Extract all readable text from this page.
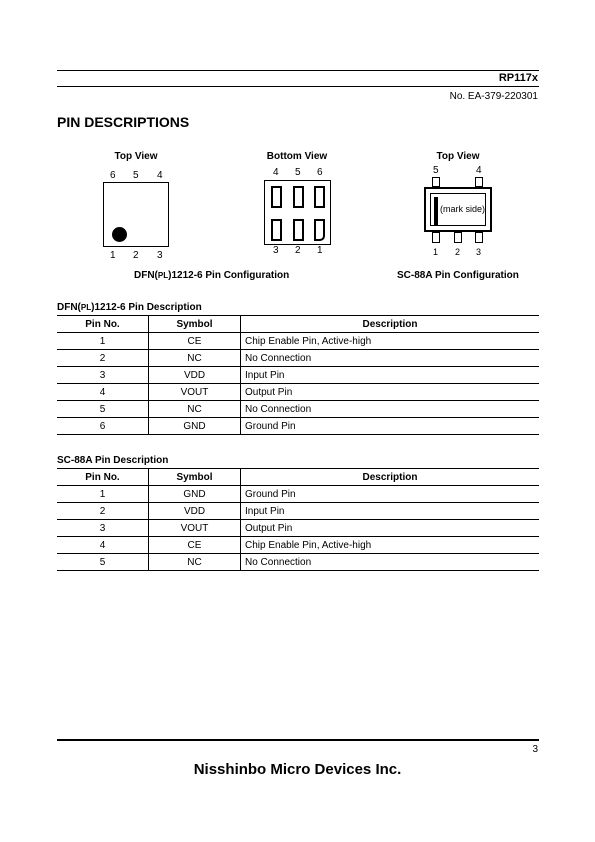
RP117x
No. EA-379-220301
PIN DESCRIPTIONS
Top View
6 5 4
1 2 3
Bottom View
4 5 6
3 2 1
Top View
5	4
(mark side)
1 2 3
DFN(PL)1212-6 Pin Configuration	SC-88A Pin Configuration
DFN(PL)1212-6 Pin Description
Pin No.	Symbol	Description
1	CE	Chip Enable Pin, Active-high
2	NC	No Connection
3	VDD	Input Pin
4	VOUT	Output Pin
5	NC	No Connection
6	GND	Ground Pin
SC-88A Pin Description
Pin No.	Symbol	Description
1	GND	Ground Pin
2	VDD	Input Pin
3	VOUT	Output Pin
4	CE	Chip Enable Pin, Active-high
5	NC	No Connection
3
Nisshinbo Micro Devices Inc.
